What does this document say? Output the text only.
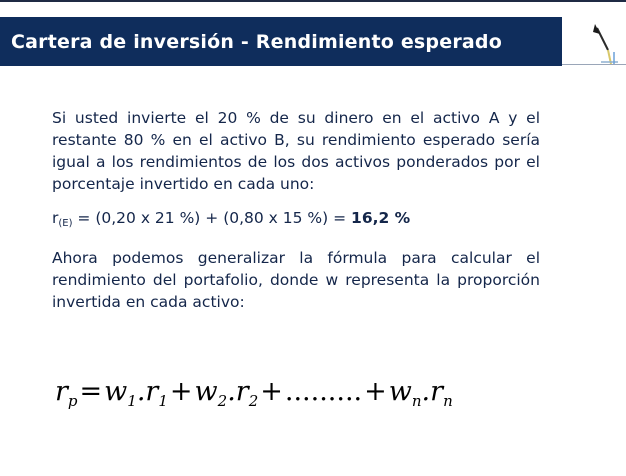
Cartera de inversión - Rendimiento esperado

Si usted invierte el 20 % de su dinero en el activo A y el restante 80 % en el activo B, su rendimiento esperado sería igual a los rendimientos de los dos activos ponderados por el porcentaje invertido en cada uno:

$r_{(E)} = (0,20$ x 21 %) + (0,80 x 15 %) = 16,2 %

Ahora podemos generalizar la fórmula para calcular el rendimiento del portafolio, donde w representa la proporción invertida en cada activo:

$r_p=w_1.r_1+w_2.r_2+.........+w_n.r_n$
